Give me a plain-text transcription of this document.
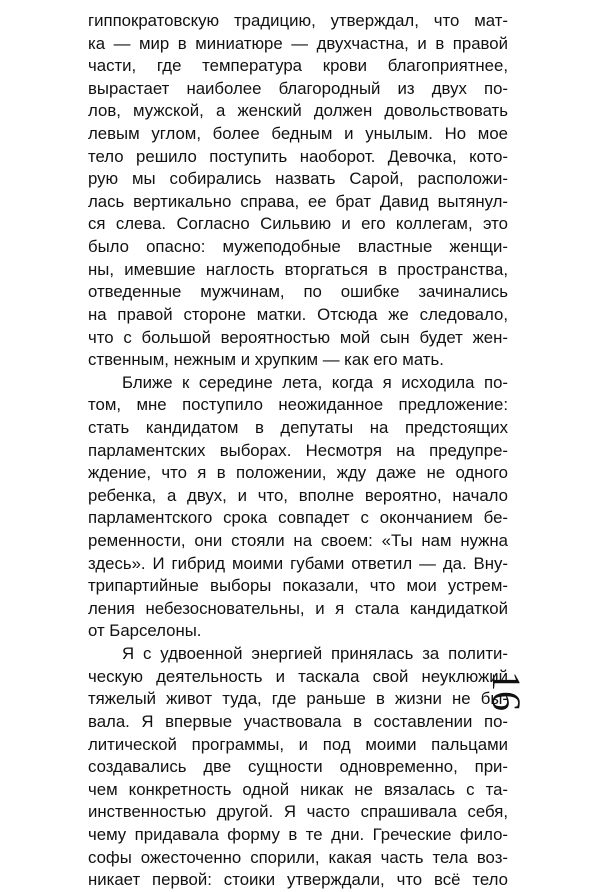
гиппократовскую традицию, утверждал, что мат-
ка — мир в миниатюре — двухчастна, и в правой
части, где температура крови благоприятнее,
вырастает наиболее благородный из двух по-
лов, мужской, а женский должен довольствовать
левым углом, более бедным и унылым. Но мое
тело решило поступить наоборот. Девочка, кото-
рую мы собирались назвать Сарой, расположи-
лась вертикально справа, ее брат Давид вытянул-
ся слева. Согласно Сильвию и его коллегам, это
было опасно: мужеподобные властные женщи-
ны, имевшие наглость вторгаться в пространства,
отведенные мужчинам, по ошибке зачинались
на правой стороне матки. Отсюда же следовало,
что с большой вероятностью мой сын будет жен-
ственным, нежным и хрупким — как его мать.
Ближе к середине лета, когда я исходила по-
том, мне поступило неожиданное предложение:
стать кандидатом в депутаты на предстоящих
парламентских выборах. Несмотря на предупре-
ждение, что я в положении, жду даже не одного
ребенка, а двух, и что, вполне вероятно, начало
парламентского срока совпадет с окончанием бе-
ременности, они стояли на своем: «Ты нам нужна
здесь». И гибрид моими губами ответил — да. Вну-
трипартийные выборы показали, что мои устрем-
ления небезосновательны, и я стала кандидаткой
от Барселоны.
Я с удвоенной энергией принялась за полити-
ческую деятельность и таскала свой неуклюжий
тяжелый живот туда, где раньше в жизни не бы-
вала. Я впервые участвовала в составлении по-
литической программы, и под моими пальцами
создавались две сущности одновременно, при-
чем конкретность одной никак не вязалась с та-
инственностью другой. Я часто спрашивала себя,
чему придавала форму в те дни. Греческие фило-
софы ожесточенно спорили, какая часть тела воз-
никает первой: стоики утверждали, что всё тело
16
